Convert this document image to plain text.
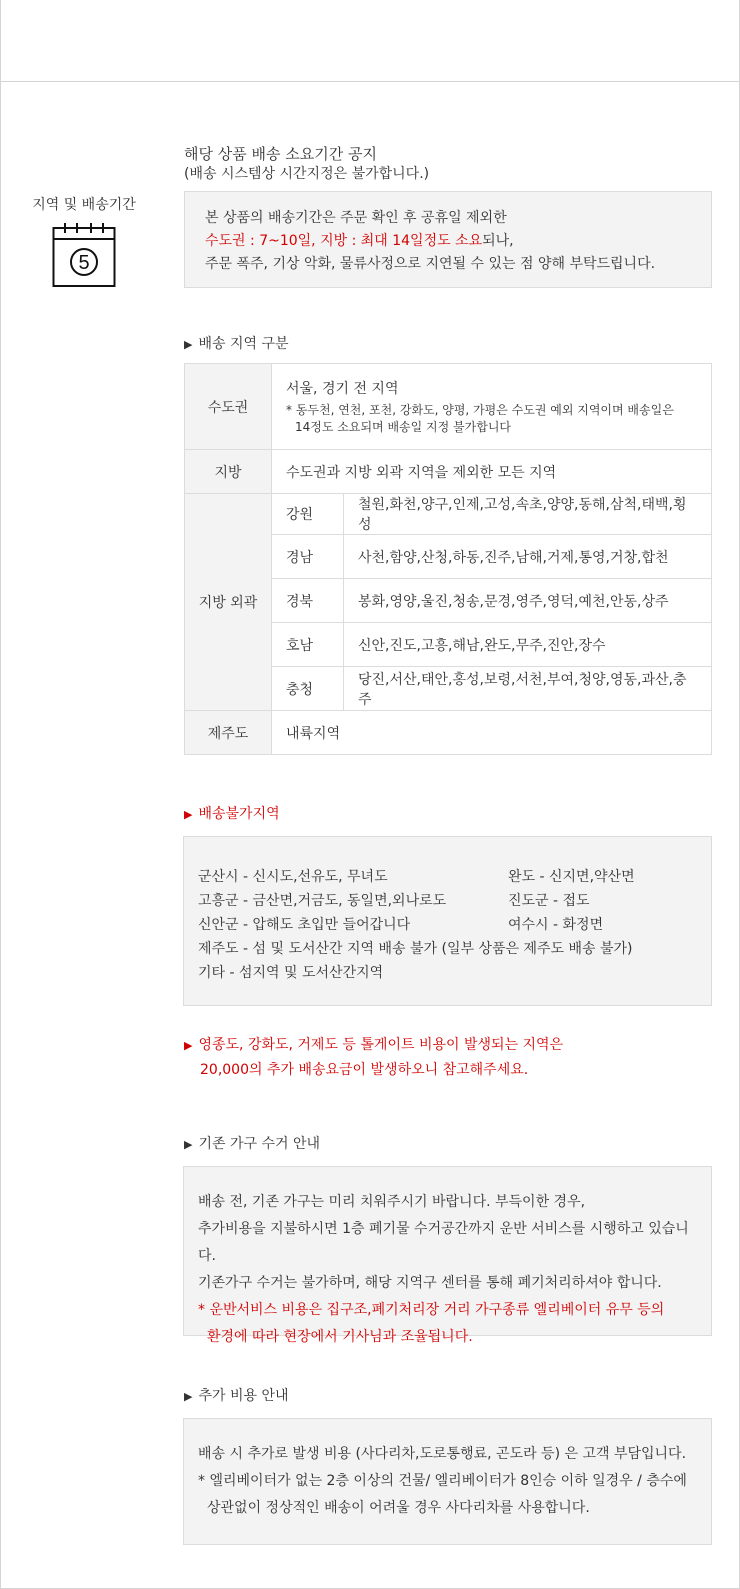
지역 및 배송기간
5
해당 상품 배송 소요기간 공지
(배송 시스템상 시간지정은 불가합니다.)
본 상품의 배송기간은 주문 확인 후 공휴일 제외한
수도권 : 7~10일, 지방 : 최대 14일정도 소요되나,
주문 폭주, 기상 악화, 물류사정으로 지연될 수 있는 점 양해 부탁드립니다.
▶ 배송 지역 구분
수도권	서울, 경기 전 지역
* 동두천, 연천, 포천, 강화도, 양평, 가평은 수도권 예외 지역이며 배송일은
14정도 소요되며 배송일 지정 불가합니다	

지방	수도권과 지방 외곽 지역을 제외한 모든 지역	
지방 외곽	강원	철원,화천,양구,인제,고성,속초,양양,동해,삼척,태백,횡성
	경남	사천,함양,산청,하동,진주,남해,거제,통영,거창,합천
	경북	봉화,영양,울진,청송,문경,영주,영덕,예천,안동,상주
	호남	신안,진도,고흥,해남,완도,무주,진안,장수
	충청	당진,서산,태안,홍성,보령,서천,부여,청양,영동,과산,충주
제주도	내륙지역	
▶ 배송불가지역
군산시 - 신시도,선유도, 무녀도	완도 - 신지면,약산면
고흥군 - 금산면,거금도, 동일면,외나로도	진도군 - 접도
신안군 - 압해도 초입만 들어갑니다	여수시 - 화정면
제주도 - 섬 및 도서산간 지역 배송 불가 (일부 상품은 제주도 배송 불가)
기타 - 섬지역 및 도서산간지역
▶ 영종도, 강화도, 거제도 등 톨게이트 비용이 발생되는 지역은
20,000의 추가 배송요금이 발생하오니 참고해주세요.
▶ 기존 가구 수거 안내
배송 전, 기존 가구는 미리 치워주시기 바랍니다. 부득이한 경우,
추가비용을 지불하시면 1층 폐기물 수거공간까지 운반 서비스를 시행하고 있습니다.
기존가구 수거는 불가하며, 해당 지역구 센터를 통해 폐기처리하셔야 합니다.
* 운반서비스 비용은 집구조,폐기처리장 거리 가구종류 엘리베이터 유무 등의
환경에 따라 현장에서 기사님과 조율됩니다.
▶ 추가 비용 안내
배송 시 추가로 발생 비용 (사다리차,도로통행료, 곤도라 등) 은 고객 부담입니다.
* 엘리베이터가 없는 2층 이상의 건물/ 엘리베이터가 8인승 이하 일경우 / 층수에
상관없이 정상적인 배송이 어려울 경우 사다리차를 사용합니다.
